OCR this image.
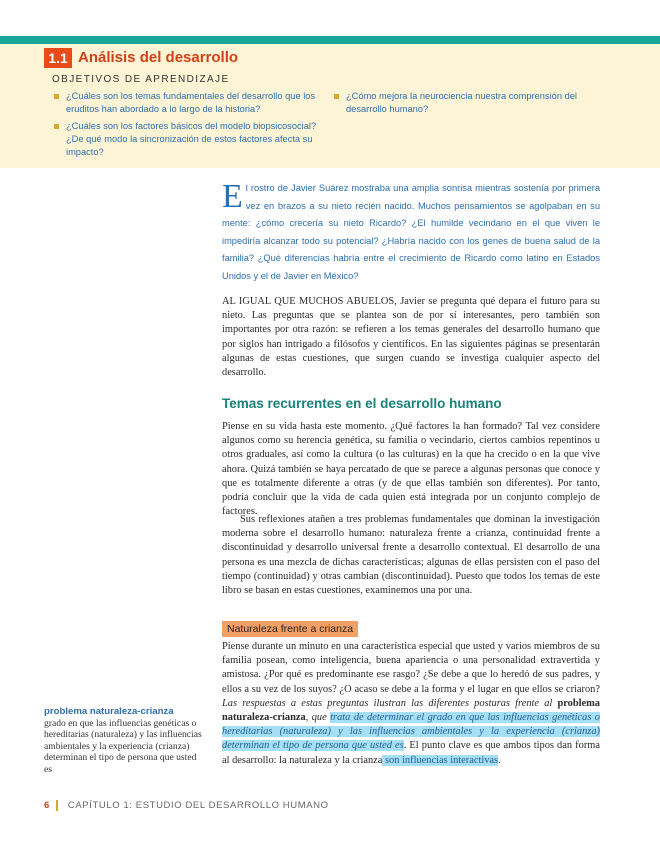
1.1 Análisis del desarrollo
OBJETIVOS DE APRENDIZAJE
¿Cuáles son los temas fundamentales del desarrollo que los eruditos han abordado a lo largo de la historia?
¿Cuáles son los factores básicos del modelo biopsicosocial? ¿De qué modo la sincronización de estos factores afecta su impacto?
¿Cómo mejora la neurociencia nuestra comprensión del desarrollo humano?
El rostro de Javier Suárez mostraba una amplia sonrisa mientras sostenía por primera vez en brazos a su nieto recién nacido. Muchos pensamientos se agolpaban en su mente: ¿cómo crecería su nieto Ricardo? ¿El humilde vecindario en el que viven le impediría alcanzar todo su potencial? ¿Habría nacido con los genes de buena salud de la familia? ¿Qué diferencias habría entre el crecimiento de Ricardo como latino en Estados Unidos y el de Javier en México?

AL IGUAL QUE MUCHOS ABUELOS, Javier se pregunta qué depara el futuro para su nieto. Las preguntas que se plantea son de por sí interesantes, pero también son importantes por otra razón: se refieren a los temas generales del desarrollo humano que por siglos han intrigado a filósofos y científicos. En las siguientes páginas se presentarán algunas de estas cuestiones, que surgen cuando se investiga cualquier aspecto del desarrollo.

Temas recurrentes en el desarrollo humano

Piense en su vida hasta este momento. ¿Qué factores la han formado? Tal vez considere algunos como su herencia genética, su familia o vecindario, ciertos cambios repentinos u otros graduales, así como la cultura (o las culturas) en la que ha crecido o en la que vive ahora. Quizá también se haya percatado de que se parece a algunas personas que conoce y que es totalmente diferente a otras (y de que ellas también son diferentes). Por tanto, podría concluir que la vida de cada quien está integrada por un conjunto complejo de factores.

Sus reflexiones atañen a tres problemas fundamentales que dominan la investigación moderna sobre el desarrollo humano: naturaleza frente a crianza, continuidad frente a discontinuidad y desarrollo universal frente a desarrollo contextual. El desarrollo de una persona es una mezcla de dichas características; algunas de ellas persisten con el paso del tiempo (continuidad) y otras cambian (discontinuidad). Puesto que todos los temas de este libro se basan en estas cuestiones, examinemos una por una.

Naturaleza frente a crianza

Piense durante un minuto en una característica especial que usted y varios miembros de su familia posean, como inteligencia, buena apariencia o una personalidad extravertida y amistosa. ¿Por qué es predominante ese rasgo? ¿Se debe a que lo heredó de sus padres, y ellos a su vez de los suyos? ¿O acaso se debe a la forma y el lugar en que ellos se criaron? Las respuestas a estas preguntas ilustran las diferentes posturas frente al problema naturaleza-crianza, que trata de determinar el grado en que las influencias genéticas o hereditarias (naturaleza) y las influencias ambientales y la experiencia (crianza) determinan el tipo de persona que usted es. El punto clave es que ambos tipos dan forma al desarrollo: la naturaleza y la crianza son influencias interactivas.

problema naturaleza-crianza
grado en que las influencias genéticas o hereditarias (naturaleza) y las influencias ambientales y la experiencia (crianza) determinan el tipo de persona que usted es
6 CAPÍTULO 1: ESTUDIO DEL DESARROLLO HUMANO
